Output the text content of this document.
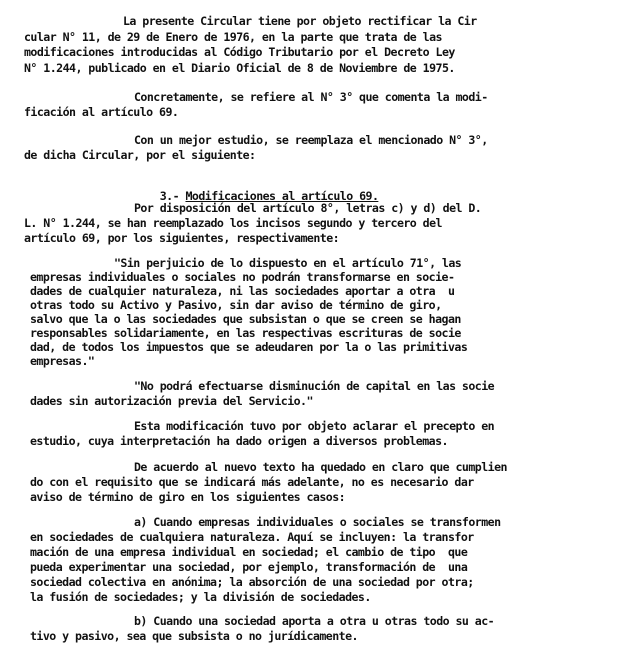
La presente Circular tiene por objeto rectificar la Cir
cular N° 11, de 29 de Enero de 1976, en la parte que trata de las
modificaciones introducidas al Código Tributario por el Decreto Ley
N° 1.244, publicado en el Diario Oficial de 8 de Noviembre de 1975.
Concretamente, se refiere al N° 3° que comenta la modi-
ficación al artículo 69.
Con un mejor estudio, se reemplaza el mencionado N° 3°,
de dicha Circular, por el siguiente:

3.- Modificaciones al artículo 69.

Por disposición del artículo 8°, letras c) y d) del D.
L. N° 1.244, se han reemplazado los incisos segundo y tercero del
artículo 69, por los siguientes, respectivamente:
"Sin perjuicio de lo dispuesto en el artículo 71°, las
empresas individuales o sociales no podrán transformarse en socie-
dades de cualquier naturaleza, ni las sociedades aportar a otra  u
otras todo su Activo y Pasivo, sin dar aviso de término de giro,
salvo que la o las sociedades que subsistan o que se creen se hagan
responsables solidariamente, en las respectivas escrituras de socie
dad, de todos los impuestos que se adeudaren por la o las primitivas
empresas."
"No podrá efectuarse disminución de capital en las socie
dades sin autorización previa del Servicio."
Esta modificación tuvo por objeto aclarar el precepto en
estudio, cuya interpretación ha dado origen a diversos problemas.
De acuerdo al nuevo texto ha quedado en claro que cumplien
do con el requisito que se indicará más adelante, no es necesario dar
aviso de término de giro en los siguientes casos:
a) Cuando empresas individuales o sociales se transformen
en sociedades de cualquiera naturaleza. Aquí se incluyen: la transfor
mación de una empresa individual en sociedad; el cambio de tipo  que
pueda experimentar una sociedad, por ejemplo, transformación de  una
sociedad colectiva en anónima; la absorción de una sociedad por otra;
la fusión de sociedades; y la división de sociedades.
b) Cuando una sociedad aporta a otra u otras todo su ac-
tivo y pasivo, sea que subsista o no jurídicamente.
